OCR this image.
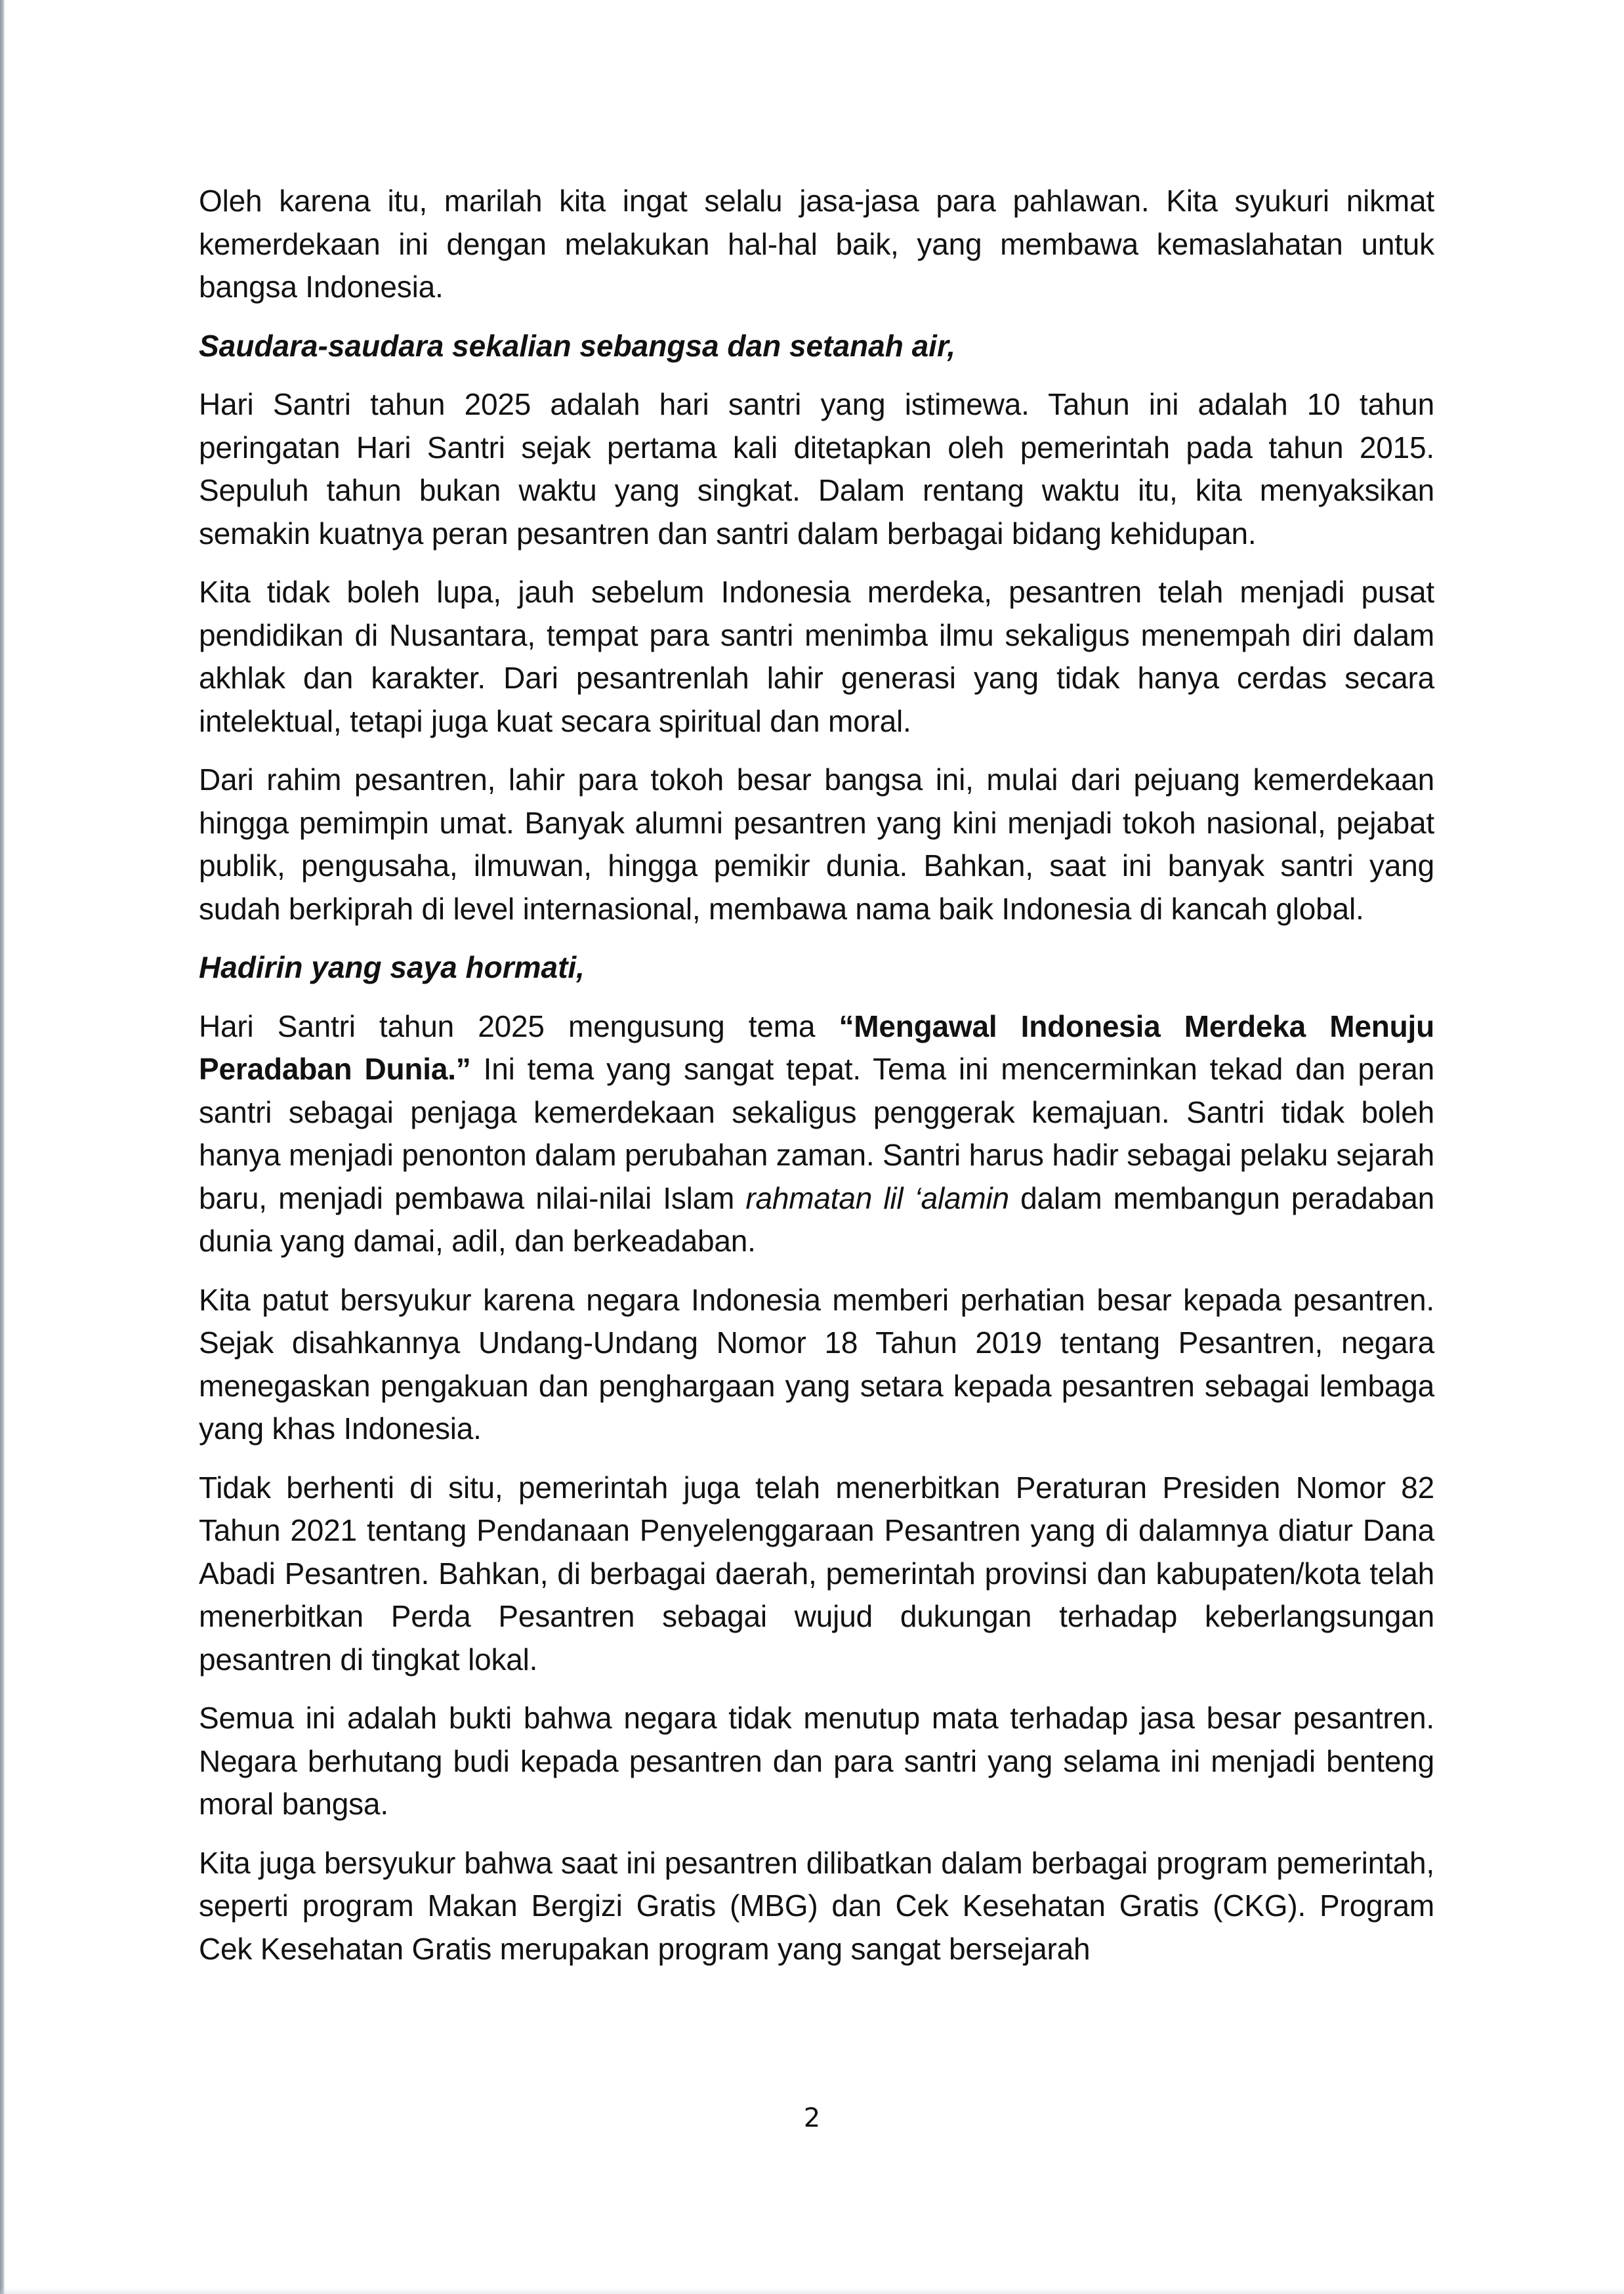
Oleh karena itu, marilah kita ingat selalu jasa-jasa para pahlawan. Kita syukuri nikmat kemerdekaan ini dengan melakukan hal-hal baik, yang membawa kemaslahatan untuk bangsa Indonesia.

Saudara-saudara sekalian sebangsa dan setanah air,

Hari Santri tahun 2025 adalah hari santri yang istimewa. Tahun ini adalah 10 tahun peringatan Hari Santri sejak pertama kali ditetapkan oleh pemerintah pada tahun 2015. Sepuluh tahun bukan waktu yang singkat. Dalam rentang waktu itu, kita menyaksikan semakin kuatnya peran pesantren dan santri dalam berbagai bidang kehidupan.

Kita tidak boleh lupa, jauh sebelum Indonesia merdeka, pesantren telah menjadi pusat pendidikan di Nusantara, tempat para santri menimba ilmu sekaligus menempah diri dalam akhlak dan karakter. Dari pesantrenlah lahir generasi yang tidak hanya cerdas secara intelektual, tetapi juga kuat secara spiritual dan moral.

Dari rahim pesantren, lahir para tokoh besar bangsa ini, mulai dari pejuang kemerdekaan hingga pemimpin umat. Banyak alumni pesantren yang kini menjadi tokoh nasional, pejabat publik, pengusaha, ilmuwan, hingga pemikir dunia. Bahkan, saat ini banyak santri yang sudah berkiprah di level internasional, membawa nama baik Indonesia di kancah global.

Hadirin yang saya hormati,

Hari Santri tahun 2025 mengusung tema “Mengawal Indonesia Merdeka Menuju Peradaban Dunia.” Ini tema yang sangat tepat. Tema ini mencerminkan tekad dan peran santri sebagai penjaga kemerdekaan sekaligus penggerak kemajuan. Santri tidak boleh hanya menjadi penonton dalam perubahan zaman. Santri harus hadir sebagai pelaku sejarah baru, menjadi pembawa nilai-nilai Islam rahmatan lil ‘alamin dalam membangun peradaban dunia yang damai, adil, dan berkeadaban.

Kita patut bersyukur karena negara Indonesia memberi perhatian besar kepada pesantren. Sejak disahkannya Undang-Undang Nomor 18 Tahun 2019 tentang Pesantren, negara menegaskan pengakuan dan penghargaan yang setara kepada pesantren sebagai lembaga yang khas Indonesia.

Tidak berhenti di situ, pemerintah juga telah menerbitkan Peraturan Presiden Nomor 82 Tahun 2021 tentang Pendanaan Penyelenggaraan Pesantren yang di dalamnya diatur Dana Abadi Pesantren. Bahkan, di berbagai daerah, pemerintah provinsi dan kabupaten/kota telah menerbitkan Perda Pesantren sebagai wujud dukungan terhadap keberlangsungan pesantren di tingkat lokal.

Semua ini adalah bukti bahwa negara tidak menutup mata terhadap jasa besar pesantren. Negara berhutang budi kepada pesantren dan para santri yang selama ini menjadi benteng moral bangsa.

Kita juga bersyukur bahwa saat ini pesantren dilibatkan dalam berbagai program pemerintah, seperti program Makan Bergizi Gratis (MBG) dan Cek Kesehatan Gratis (CKG). Program Cek Kesehatan Gratis merupakan program yang sangat bersejarah

2
